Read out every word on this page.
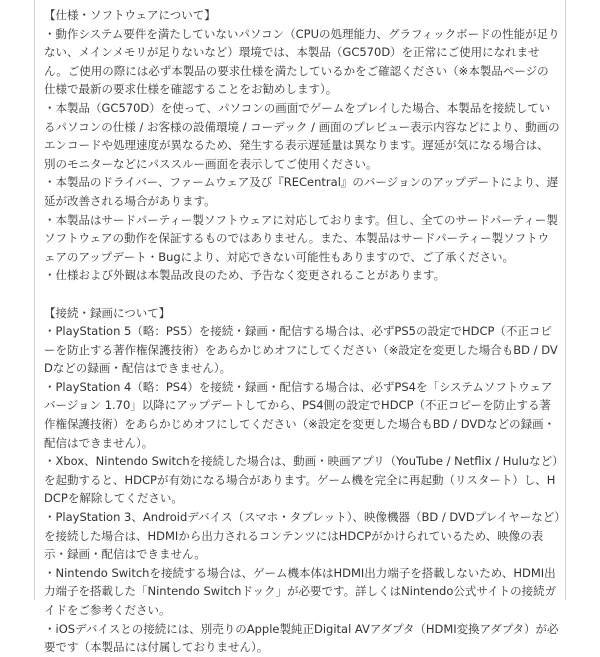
【仕様・ソフトウェアについて】
・動作システム要件を満たしていないパソコン（CPUの処理能力、グラフィックボードの性能が足りない、メインメモリが足りないなど）環境では、本製品（GC570D）を正常にご使用になれません。ご使用の際には必ず本製品の要求仕様を満たしているかをご確認ください（※本製品ページの仕様で最新の要求仕様を確認することをお勧めします）。
・本製品（GC570D）を使って、パソコンの画面でゲームをプレイした場合、本製品を接続しているパソコンの仕様 / お客様の設備環境 / コーデック / 画面のプレビュー表示内容などにより、動画のエンコードや処理速度が異なるため、発生する表示遅延量は異なります。遅延が気になる場合は、別のモニターなどにパススルー画面を表示してご使用ください。
・本製品のドライバー、ファームウェア及び『RECentral』のバージョンのアップデートにより、遅延が改善される場合があります。
・本製品はサードパーティー製ソフトウェアに対応しております。但し、全てのサードパーティー製ソフトウェアの動作を保証するものではありません。また、本製品はサードパーティー製ソフトウェアのアップデート・Bugにより、対応できない可能性もありますので、ご了承ください。
・仕様および外観は本製品改良のため、予告なく変更されることがあります。
【接続・録画について】
・PlayStation 5（略：PS5）を接続・録画・配信する場合は、必ずPS5の設定でHDCP（不正コピーを防止する著作権保護技術）をあらかじめオフにしてください（※設定を変更した場合もBD / DVDなどの録画・配信はできません）。
・PlayStation 4（略：PS4）を接続・録画・配信する場合は、必ずPS4を「システムソフトウェアバージョン 1.70」以降にアップデートしてから、PS4側の設定でHDCP（不正コピーを防止する著作権保護技術）をあらかじめオフにしてください（※設定を変更した場合もBD / DVDなどの録画・配信はできません）。
・Xbox、Nintendo Switchを接続した場合は、動画・映画アプリ（YouTube / Netflix / Huluなど）を起動すると、HDCPが有効になる場合があります。ゲーム機を完全に再起動（リスタート）し、HDCPを解除してください。
・PlayStation 3、Androidデバイス（スマホ・タブレット）、映像機器（BD / DVDプレイヤーなど）を接続した場合は、HDMIから出力されるコンテンツにはHDCPがかけられているため、映像の表示・録画・配信はできません。
・Nintendo Switchを接続する場合は、ゲーム機本体はHDMI出力端子を搭載しないため、HDMI出力端子を搭載した「Nintendo Switchドック」が必要です。詳しくはNintendo公式サイトの接続ガイドをご参考ください。
・iOSデバイスとの接続には、別売りのApple製純正Digital AVアダプタ（HDMI変換アダプタ）が必要です（本製品には付属しておりません）。
